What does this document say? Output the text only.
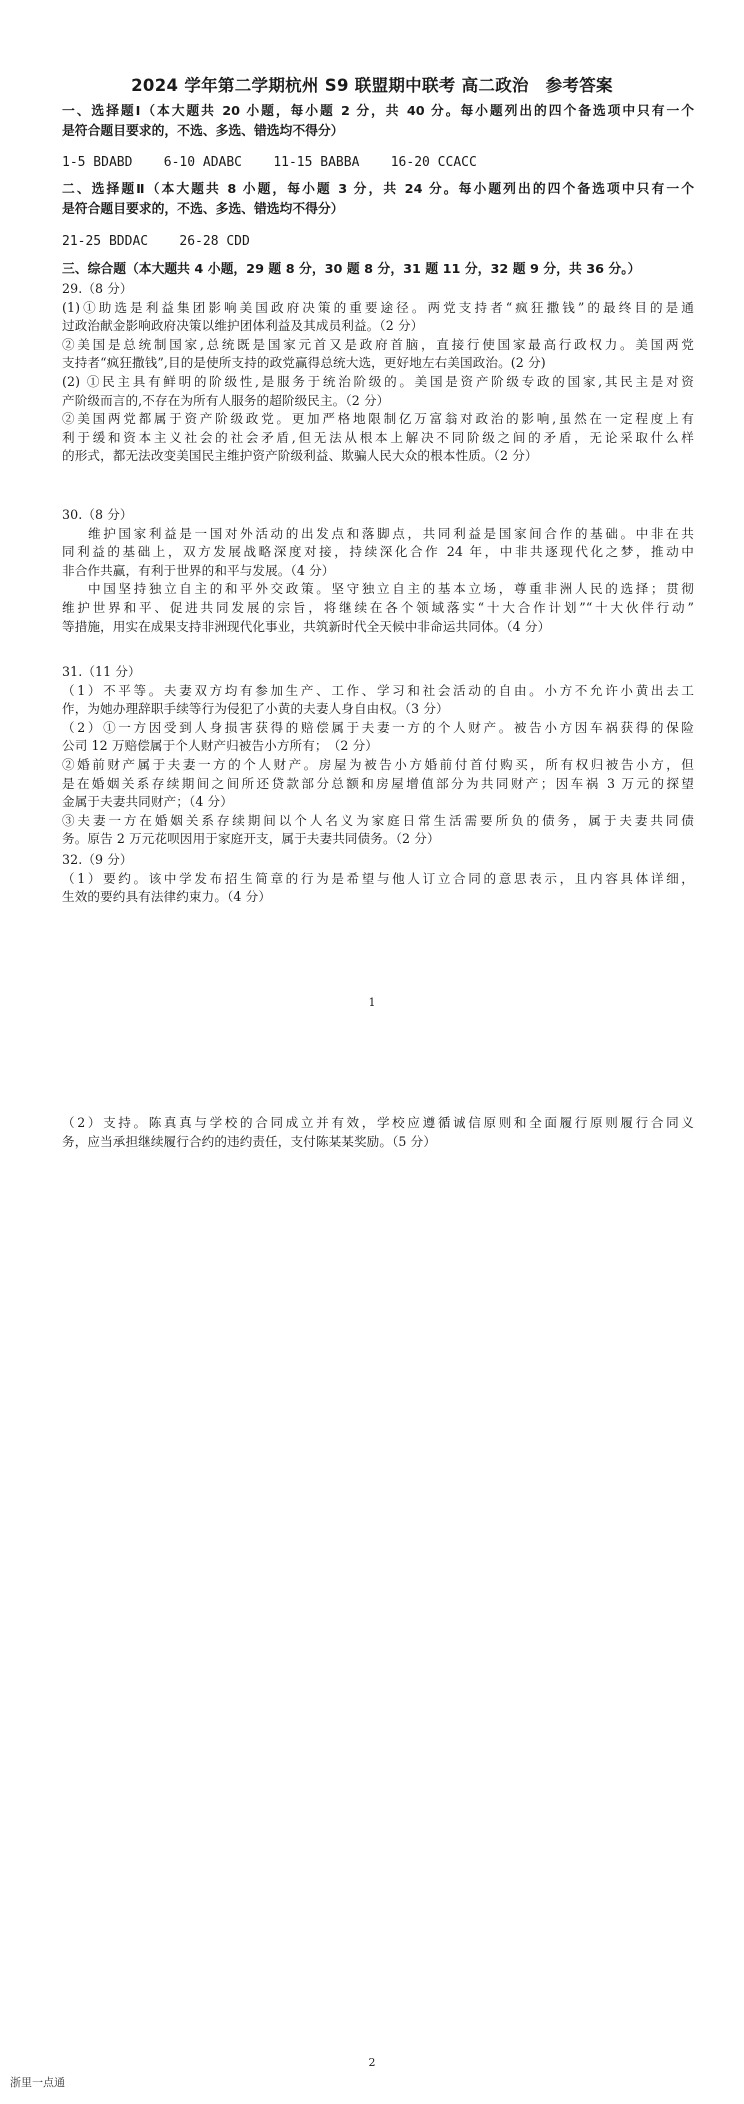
2024 学年第二学期杭州 S9 联盟期中联考 高二政治　参考答案
一、选择题Ⅰ（本大题共 20 小题，每小题 2 分，共 40 分。每小题列出的四个备选项中只有一个
是符合题目要求的，不选、多选、错选均不得分）
1-5 BDABD    6-10 ADABC    11-15 BABBA    16-20 CCACC
二、选择题Ⅱ（本大题共 8 小题，每小题 3 分，共 24 分。每小题列出的四个备选项中只有一个
是符合题目要求的，不选、多选、错选均不得分）
21-25 BDDAC    26-28 CDD
三、综合题（本大题共 4 小题，29 题 8 分，30 题 8 分，31 题 11 分，32 题 9 分，共 36 分。）
29.（8 分）
(1)①助选是利益集团影响美国政府决策的重要途径。两党支持者“疯狂撒钱”的最终目的是通
过政治献金影响政府决策以维护团体利益及其成员利益。（2 分）
②美国是总统制国家,总统既是国家元首又是政府首脑，直接行使国家最高行政权力。美国两党
支持者“疯狂撒钱”,目的是使所支持的政党赢得总统大选，更好地左右美国政治。(2 分)
(2) ①民主具有鲜明的阶级性,是服务于统治阶级的。美国是资产阶级专政的国家,其民主是对资
产阶级而言的,不存在为所有人服务的超阶级民主。（2 分）
②美国两党都属于资产阶级政党。更加严格地限制亿万富翁对政治的影响,虽然在一定程度上有
利于缓和资本主义社会的社会矛盾,但无法从根本上解决不同阶级之间的矛盾，无论采取什么样
的形式，都无法改变美国民主维护资产阶级利益、欺骗人民大众的根本性质。（2 分）
30.（8 分）
维护国家利益是一国对外活动的出发点和落脚点，共同利益是国家间合作的基础。中非在共
同利益的基础上，双方发展战略深度对接，持续深化合作 24 年，中非共逐现代化之梦，推动中
非合作共赢，有利于世界的和平与发展。（4 分）
中国坚持独立自主的和平外交政策。坚守独立自主的基本立场，尊重非洲人民的选择；贯彻
维护世界和平、促进共同发展的宗旨，将继续在各个领域落实“十大合作计划”“十大伙伴行动”
等措施，用实在成果支持非洲现代化事业，共筑新时代全天候中非命运共同体。（4 分）
31.（11 分）
（1）不平等。夫妻双方均有参加生产、工作、学习和社会活动的自由。小方不允许小黄出去工
作，为她办理辞职手续等行为侵犯了小黄的夫妻人身自由权。（3 分）
（2）①一方因受到人身损害获得的赔偿属于夫妻一方的个人财产。被告小方因车祸获得的保险
公司 12 万赔偿属于个人财产归被告小方所有；　（2 分）
②婚前财产属于夫妻一方的个人财产。房屋为被告小方婚前付首付购买，所有权归被告小方，但
是在婚姻关系存续期间之间所还贷款部分总额和房屋增值部分为共同财产；因车祸 3 万元的探望
金属于夫妻共同财产；（4 分）
③夫妻一方在婚姻关系存续期间以个人名义为家庭日常生活需要所负的债务，属于夫妻共同债
务。原告 2 万元花呗因用于家庭开支，属于夫妻共同债务。（2 分）
32.（9 分）
（1）要约。该中学发布招生简章的行为是希望与他人订立合同的意思表示，且内容具体详细，
生效的要约具有法律约束力。（4 分）
1
（2）支持。陈真真与学校的合同成立并有效，学校应遵循诚信原则和全面履行原则履行合同义
务，应当承担继续履行合约的违约责任，支付陈某某奖励。（5 分）
2
浙里一点通
